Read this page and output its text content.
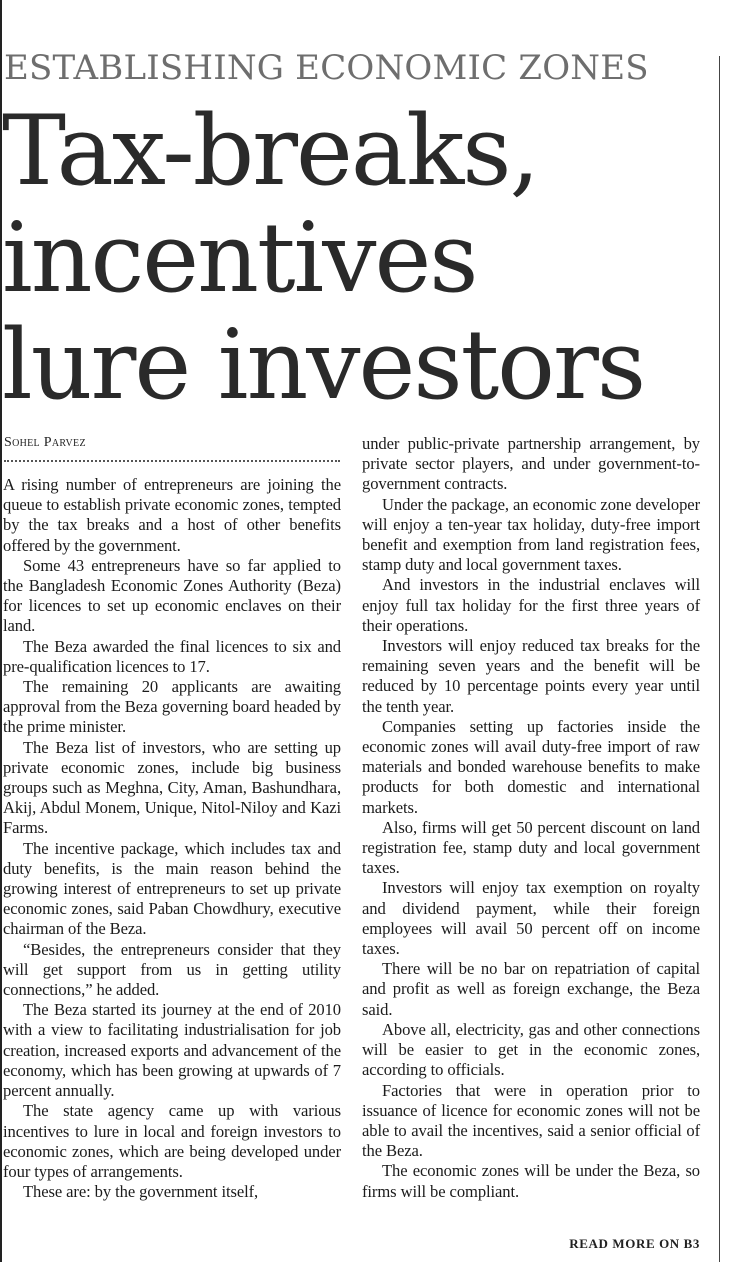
ESTABLISHING ECONOMIC ZONES
Tax-breaks,
incentives
lure investors
Sohel Parvez

A rising number of entrepreneurs are joining the queue to establish private economic zones, tempted by the tax breaks and a host of other benefits offered by the government.

Some 43 entrepreneurs have so far applied to the Bangladesh Economic Zones Authority (Beza) for licences to set up economic enclaves on their land.

The Beza awarded the final licences to six and pre-qualification licences to 17.

The remaining 20 applicants are awaiting approval from the Beza governing board headed by the prime minister.

The Beza list of investors, who are setting up private economic zones, include big business groups such as Meghna, City, Aman, Bashundhara, Akij, Abdul Monem, Unique, Nitol-Niloy and Kazi Farms.

The incentive package, which includes tax and duty benefits, is the main reason behind the growing interest of entrepreneurs to set up private economic zones, said Paban Chowdhury, executive chairman of the Beza.

“Besides, the entrepreneurs consider that they will get support from us in getting utility connections,” he added.

The Beza started its journey at the end of 2010 with a view to facilitating industrialisation for job creation, increased exports and advancement of the economy, which has been growing at upwards of 7 percent annually.

The state agency came up with various incentives to lure in local and foreign investors to economic zones, which are being developed under four types of arrangements.

These are: by the government itself,

under public-private partnership arrangement, by private sector players, and under government-to-government contracts.

Under the package, an economic zone developer will enjoy a ten-year tax holiday, duty-free import benefit and exemption from land registration fees, stamp duty and local government taxes.

And investors in the industrial enclaves will enjoy full tax holiday for the first three years of their operations.

Investors will enjoy reduced tax breaks for the remaining seven years and the benefit will be reduced by 10 percentage points every year until the tenth year.

Companies setting up factories inside the economic zones will avail duty-free import of raw materials and bonded warehouse benefits to make products for both domestic and international markets.

Also, firms will get 50 percent discount on land registration fee, stamp duty and local government taxes.

Investors will enjoy tax exemption on royalty and dividend payment, while their foreign employees will avail 50 percent off on income taxes.

There will be no bar on repatriation of capital and profit as well as foreign exchange, the Beza said.

Above all, electricity, gas and other connections will be easier to get in the economic zones, according to officials.

Factories that were in operation prior to issuance of licence for economic zones will not be able to avail the incentives, said a senior official of the Beza.

The economic zones will be under the Beza, so firms will be compliant.

READ MORE ON B3
